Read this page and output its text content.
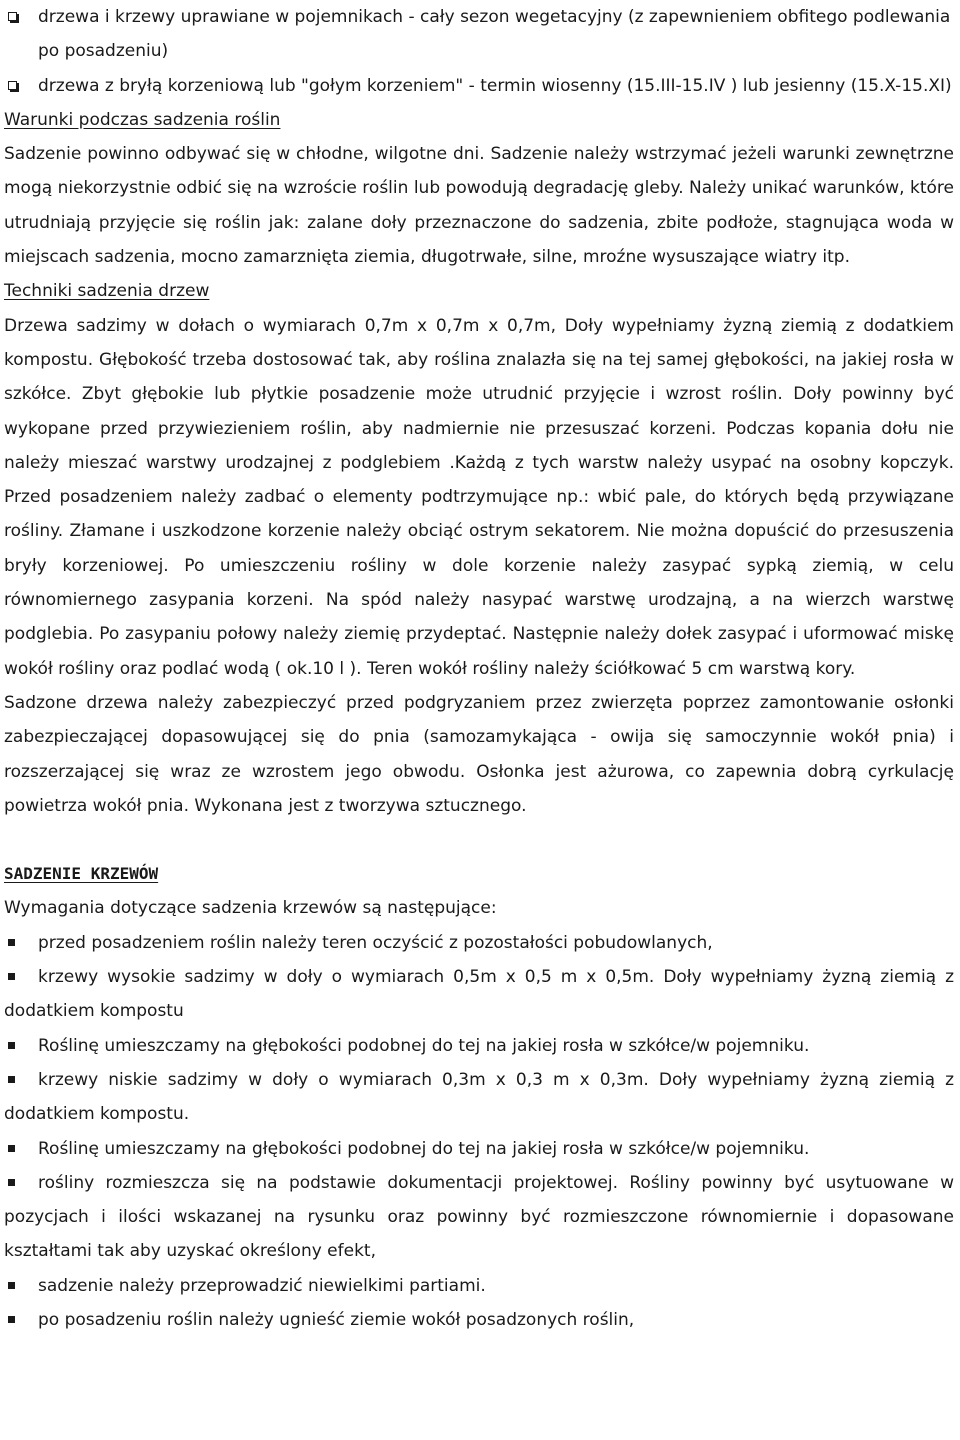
drzewa i krzewy uprawiane w pojemnikach - cały sezon wegetacyjny (z zapewnieniem obfitego podlewania po posadzeniu)
drzewa z bryłą korzeniową lub "gołym korzeniem" - termin wiosenny (15.III-15.IV ) lub jesienny (15.X-15.XI)
Warunki podczas sadzenia roślin
Sadzenie powinno odbywać się w chłodne, wilgotne dni. Sadzenie należy wstrzymać jeżeli warunki zewnętrzne mogą niekorzystnie odbić się na wzroście roślin lub powodują degradację gleby. Należy unikać warunków, które utrudniają przyjęcie się roślin jak: zalane doły przeznaczone do sadzenia, zbite podłoże, stagnująca woda w miejscach sadzenia, mocno zamarznięta ziemia, długotrwałe, silne, mroźne wysuszające wiatry itp.
Techniki sadzenia drzew
Drzewa sadzimy w dołach o wymiarach 0,7m x 0,7m x 0,7m, Doły wypełniamy żyzną ziemią z dodatkiem kompostu. Głębokość trzeba dostosować tak, aby roślina znalazła się na tej samej głębokości, na jakiej rosła w szkółce. Zbyt głębokie lub płytkie posadzenie może utrudnić przyjęcie i wzrost roślin. Doły powinny być wykopane przed przywiezieniem roślin, aby nadmiernie nie przesuszać korzeni. Podczas kopania dołu nie należy mieszać warstwy urodzajnej z podglebiem .Każdą z tych warstw należy usypać na osobny kopczyk. Przed posadzeniem należy zadbać o elementy podtrzymujące np.: wbić pale, do których będą przywiązane rośliny. Złamane i uszkodzone korzenie należy obciąć ostrym sekatorem. Nie można dopuścić do przesuszenia bryły korzeniowej. Po umieszczeniu rośliny w dole korzenie należy zasypać sypką ziemią, w celu równomiernego zasypania korzeni. Na spód należy nasypać warstwę urodzajną, a na wierzch warstwę podglebia. Po zasypaniu połowy należy ziemię przydeptać. Następnie należy dołek zasypać i uformować miskę wokół rośliny oraz podlać wodą ( ok.10 l ). Teren wokół rośliny należy ściółkować 5 cm warstwą kory.
Sadzone drzewa należy zabezpieczyć przed podgryzaniem przez zwierzęta poprzez zamontowanie osłonki zabezpieczającej dopasowującej się do pnia (samozamykająca - owija się samoczynnie wokół pnia) i rozszerzającej się wraz ze wzrostem jego obwodu. Osłonka jest ażurowa, co zapewnia dobrą cyrkulację powietrza wokół pnia. Wykonana jest z tworzywa sztucznego.
SADZENIE KRZEWÓW
Wymagania dotyczące sadzenia krzewów są następujące:
przed posadzeniem roślin należy teren oczyścić z pozostałości pobudowlanych,
krzewy wysokie sadzimy w doły o wymiarach 0,5m x 0,5 m x 0,5m. Doły wypełniamy żyzną ziemią z dodatkiem kompostu
Roślinę umieszczamy na głębokości podobnej do tej na jakiej rosła w szkółce/w pojemniku.
krzewy niskie sadzimy w doły o wymiarach 0,3m x 0,3 m x 0,3m. Doły wypełniamy żyzną ziemią z dodatkiem kompostu.
Roślinę umieszczamy na głębokości podobnej do tej na jakiej rosła w szkółce/w pojemniku.
rośliny rozmieszcza się na podstawie dokumentacji projektowej. Rośliny powinny być usytuowane w pozycjach i ilości wskazanej na rysunku oraz powinny być rozmieszczone równomiernie i dopasowane kształtami tak aby uzyskać określony efekt,
sadzenie należy przeprowadzić niewielkimi partiami.
po posadzeniu roślin należy ugnieść ziemie wokół posadzonych roślin,
